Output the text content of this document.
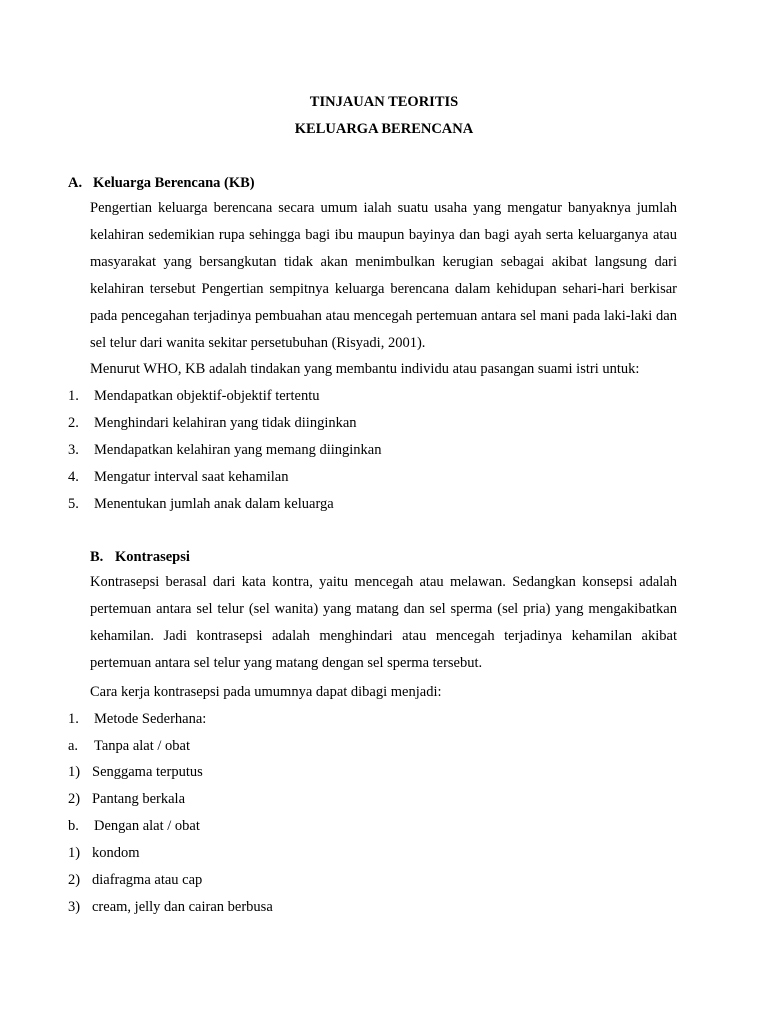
TINJAUAN TEORITIS
KELUARGA BERENCANA
A. Keluarga Berencana (KB)

Pengertian keluarga berencana secara umum ialah suatu usaha yang mengatur banyaknya jumlah kelahiran sedemikian rupa sehingga bagi ibu maupun bayinya dan bagi ayah serta keluarganya atau masyarakat yang bersangkutan tidak akan menimbulkan kerugian sebagai akibat langsung dari kelahiran tersebut Pengertian sempitnya keluarga berencana dalam kehidupan sehari-hari berkisar pada pencegahan terjadinya pembuahan atau mencegah pertemuan antara sel mani pada laki-laki dan sel telur dari wanita sekitar persetubuhan (Risyadi, 2001).

Menurut WHO, KB adalah tindakan yang membantu individu atau pasangan suami istri untuk:
1. Mendapatkan objektif-objektif tertentu
2. Menghindari kelahiran yang tidak diinginkan
3. Mendapatkan kelahiran yang memang diinginkan
4. Mengatur interval saat kehamilan
5. Menentukan jumlah anak dalam keluarga
B. Kontrasepsi

Kontrasepsi berasal dari kata kontra, yaitu mencegah atau melawan. Sedangkan konsepsi adalah pertemuan antara sel telur (sel wanita) yang matang dan sel sperma (sel pria) yang mengakibatkan kehamilan. Jadi kontrasepsi adalah menghindari atau mencegah terjadinya kehamilan akibat pertemuan antara sel telur yang matang dengan sel sperma tersebut.

Cara kerja kontrasepsi pada umumnya dapat dibagi menjadi:
1. Metode Sederhana:
a. Tanpa alat / obat
1) Senggama terputus
2) Pantang berkala
b. Dengan alat / obat
1) kondom
2) diafragma atau cap
3) cream, jelly dan cairan berbusa
